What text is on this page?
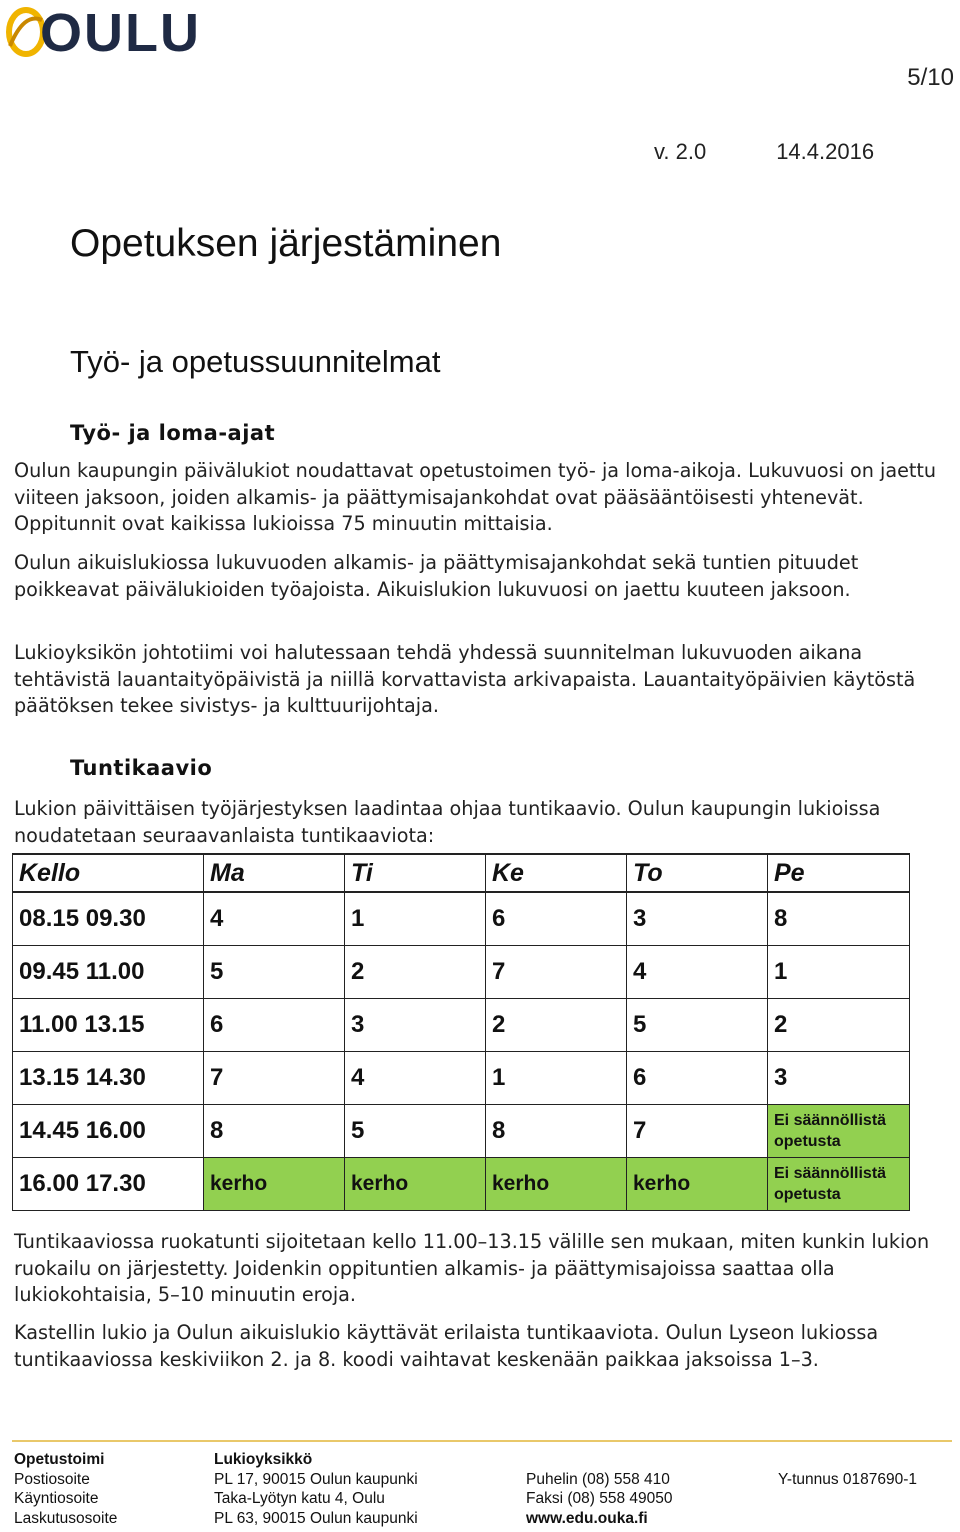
OULU
5/10
v. 2.0	14.4.2016
Opetuksen järjestäminen
Työ- ja opetussuunnitelmat
Työ- ja loma-ajat

Oulun kaupungin päivälukiot noudattavat opetustoimen työ- ja loma-aikoja. Lukuvuosi on jaettu viiteen jaksoon, joiden alkamis- ja päättymisajankohdat ovat pääsääntöisesti yhtenevät. Oppitunnit ovat kaikissa lukioissa 75 minuutin mittaisia.

Oulun aikuislukiossa lukuvuoden alkamis- ja päättymisajankohdat sekä tuntien pituudet poikkeavat päivälukioiden työajoista. Aikuislukion lukuvuosi on jaettu kuuteen jaksoon.

Lukioyksikön johtotiimi voi halutessaan tehdä yhdessä suunnitelman lukuvuoden aikana tehtävistä lauantaityöpäivistä ja niillä korvattavista arkivapaista. Lauantaityöpäivien käytöstä päätöksen tekee sivistys- ja kulttuurijohtaja.

Tuntikaavio

Lukion päivittäisen työjärjestyksen laadintaa ohjaa tuntikaavio. Oulun kaupungin lukioissa noudatetaan seuraavanlaista tuntikaaviota:

Kello	Ma	Ti	Ke	To	Pe
08.15 09.30	4	1	6	3	8
09.45 11.00	5	2	7	4	1
11.00 13.15	6	3	2	5	2
13.15 14.30	7	4	1	6	3
14.45 16.00	8	5	8	7	Ei säännöllistä opetusta
16.00 17.30	kerho	kerho	kerho	kerho	Ei säännöllistä opetusta

Tuntikaaviossa ruokatunti sijoitetaan kello 11.00–13.15 välille sen mukaan, miten kunkin lukion ruokailu on järjestetty. Joidenkin oppituntien alkamis- ja päättymisajoissa saattaa olla lukiokohtaisia, 5–10 minuutin eroja.

Kastellin lukio ja Oulun aikuislukio käyttävät erilaista tuntikaaviota. Oulun Lyseon lukiossa tuntikaaviossa keskiviikon 2. ja 8. koodi vaihtavat keskenään paikkaa jaksoissa 1–3.

Opetustoimi
Postiosoite
Käyntiosoite
Laskutusosoite
Lukioyksikkö
PL 17, 90015 Oulun kaupunki
Taka-Lyötyn katu 4, Oulu
PL 63, 90015 Oulun kaupunki

Puhelin (08) 558 410
Faksi (08) 558 49050
www.edu.ouka.fi

Y-tunnus 0187690-1
